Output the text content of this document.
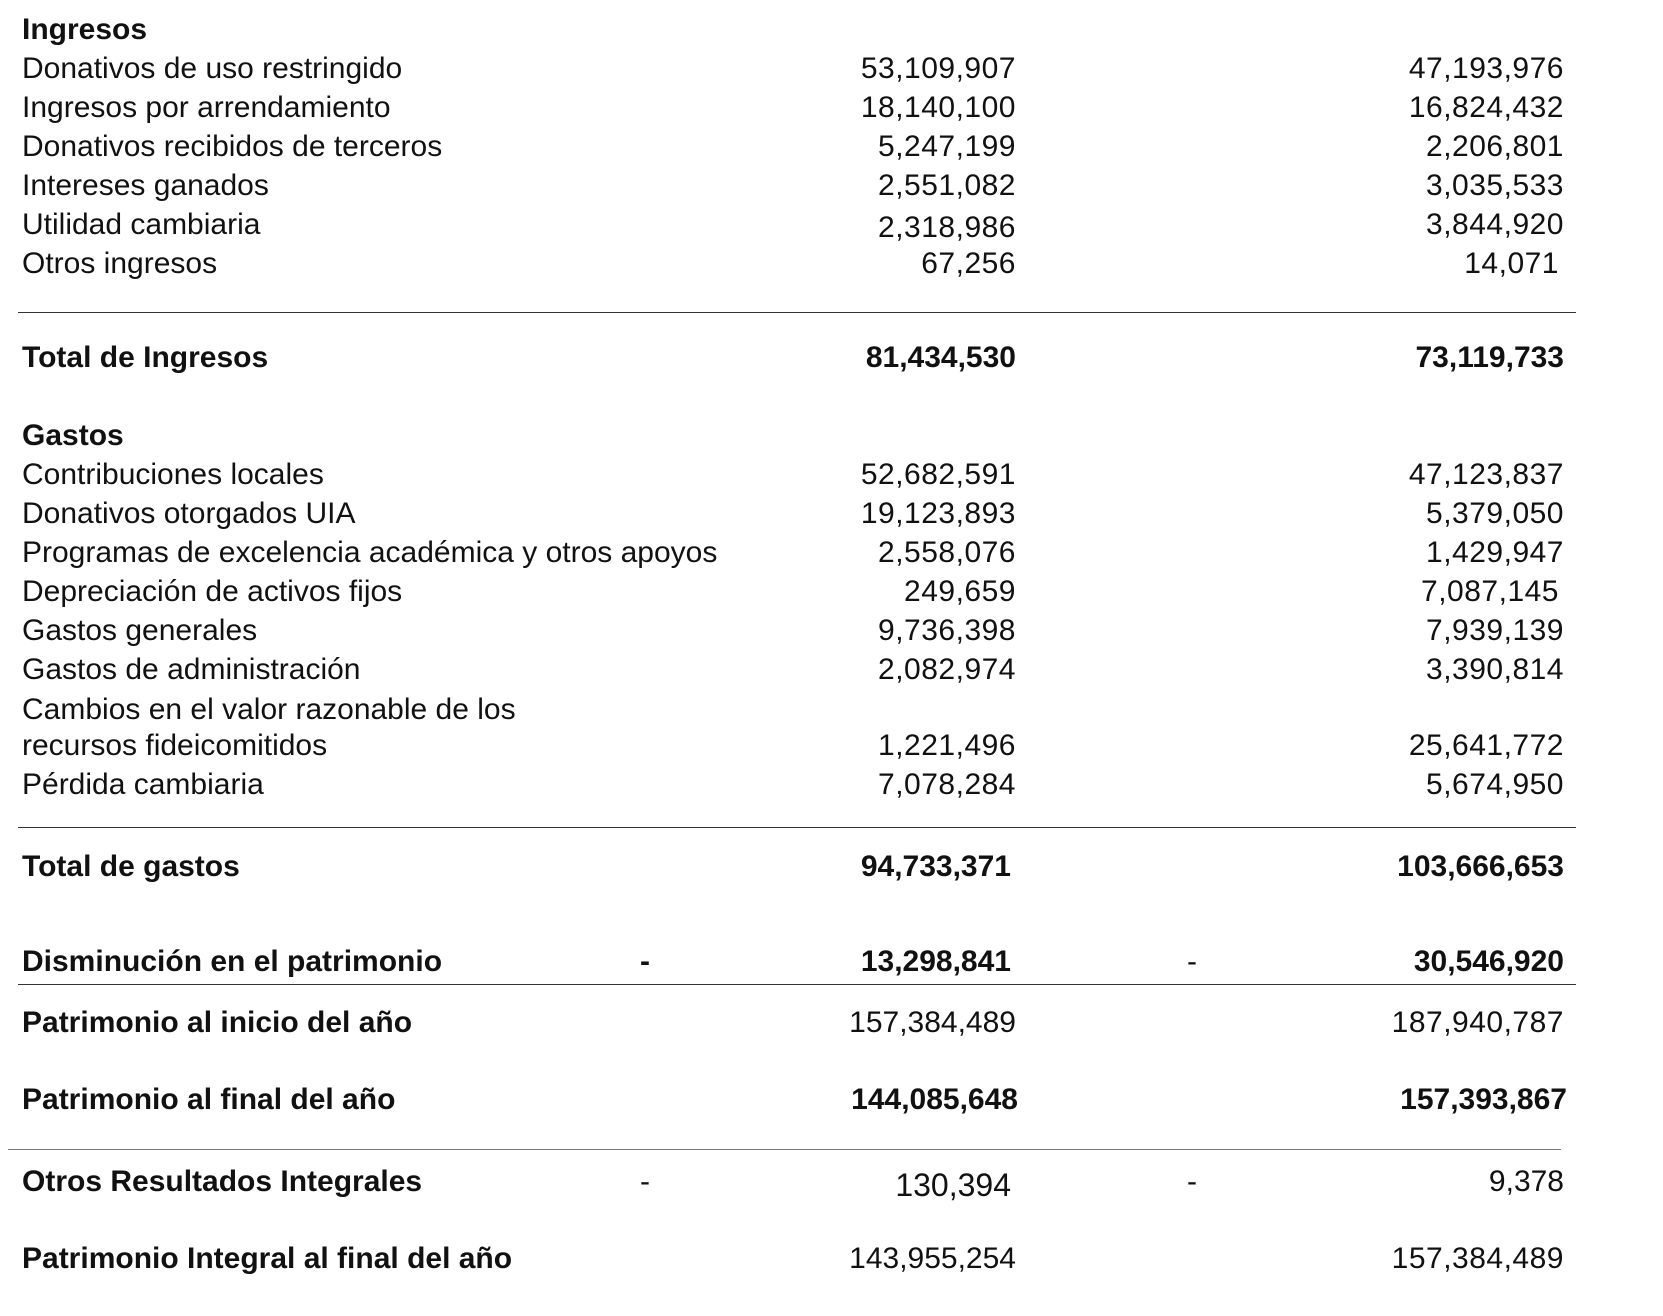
Ingresos
Donativos de uso restringido	53,109,907	47,193,976
Ingresos por arrendamiento	18,140,100	16,824,432
Donativos recibidos de terceros	5,247,199	2,206,801
Intereses ganados	2,551,082	3,035,533
Utilidad cambiaria	2,318,986	3,844,920
Otros ingresos	67,256	14,071
Total de Ingresos	81,434,530	73,119,733
Gastos
Contribuciones locales	52,682,591	47,123,837
Donativos otorgados UIA	19,123,893	5,379,050
Programas de excelencia académica y otros apoyos	2,558,076	1,429,947
Depreciación de activos fijos	249,659	7,087,145
Gastos generales	9,736,398	7,939,139
Gastos de administración	2,082,974	3,390,814
Cambios en el valor razonable de los
recursos fideicomitidos	1,221,496	25,641,772
Pérdida cambiaria	7,078,284	5,674,950
Total de gastos	94,733,371	103,666,653
Disminución en el patrimonio	-	13,298,841	-	30,546,920
Patrimonio al inicio del año	157,384,489	187,940,787
Patrimonio al final del año	144,085,648	157,393,867
Otros Resultados Integrales	-	130,394	-	9,378
Patrimonio Integral al final del año	143,955,254	157,384,489
